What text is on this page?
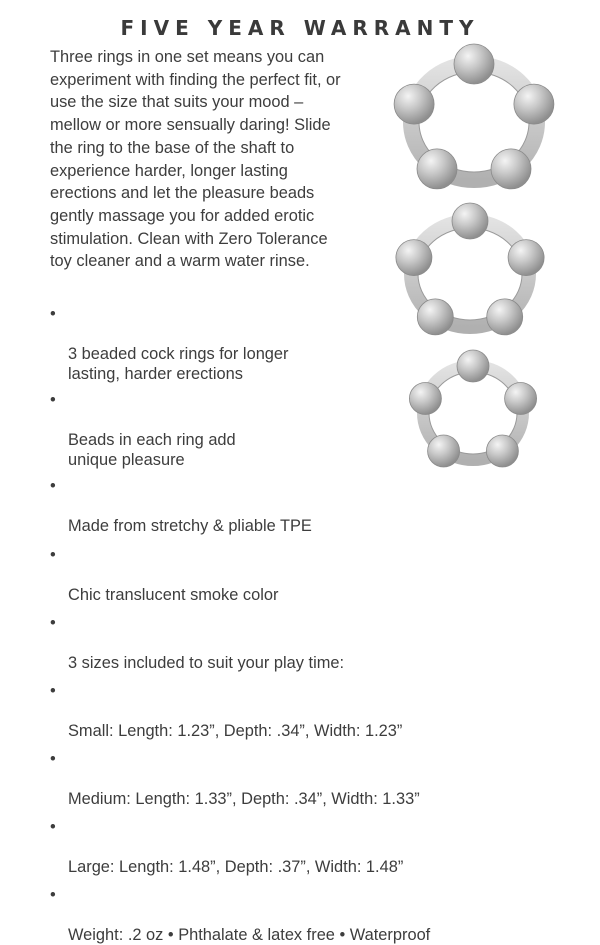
FIVE YEAR WARRANTY
Three rings in one set means you can
experiment with finding the perfect fit, or
use the size that suits your mood –
mellow or more sensually daring! Slide
the ring to the base of the shaft to
experience harder, longer lasting
erections and let the pleasure beads
gently massage you for added erotic
stimulation. Clean with Zero Tolerance
toy cleaner and a warm water rinse.

•

3 beaded cock rings for longer
lasting, harder erections

•

Beads in each ring add
unique pleasure

•

Made from stretchy & pliable TPE

•

Chic translucent smoke color

•

3 sizes included to suit your play time:

•

Small: Length: 1.23”, Depth: .34”, Width: 1.23”

•

Medium: Length: 1.33”, Depth: .34”, Width: 1.33”

•

Large: Length: 1.48”, Depth: .37”, Width: 1.48”

•

Weight: .2 oz • Phthalate & latex free • Waterproof
